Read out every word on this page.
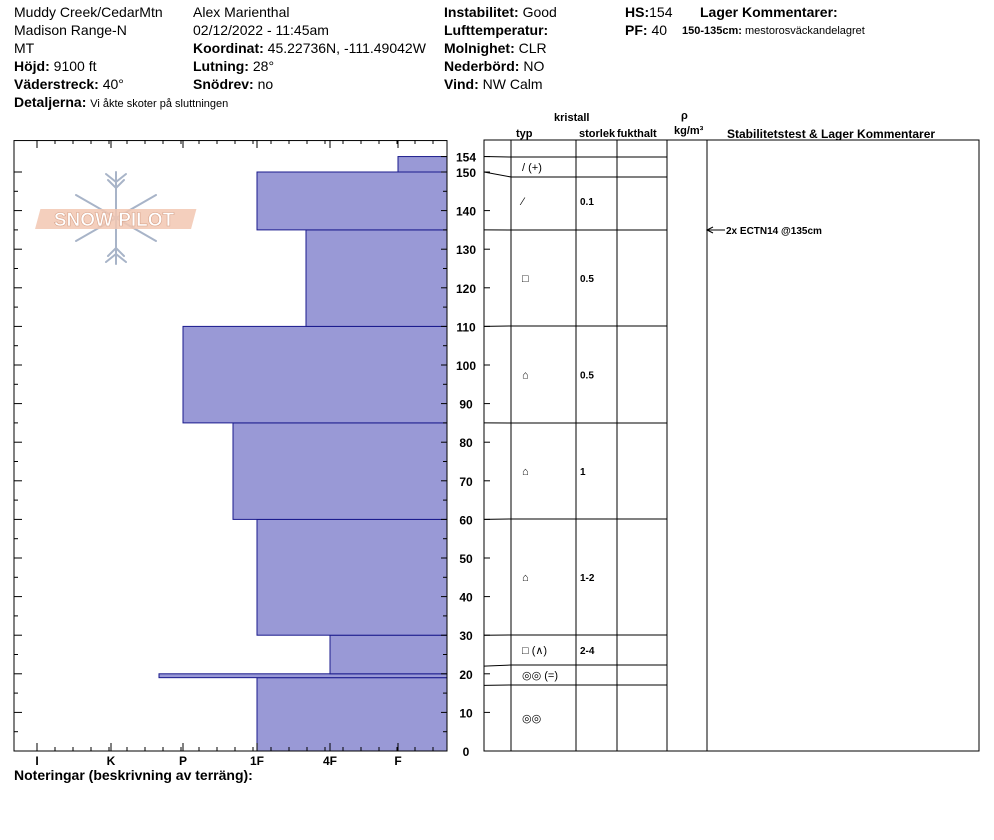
Muddy Creek/CedarMtn
Madison Range-N
MT
Höjd: 9100 ft
Väderstreck: 40°
Detaljerna: Vi åkte skoter på sluttningen
Alex Marienthal
02/12/2022 - 11:45am
Koordinat: 45.22736N, -111.49042W
Lutning: 28°
Snödrev: no
Instabilitet: Good
Lufttemperatur:
Molnighet: CLR
Nederbörd: NO
Vind: NW Calm
HS:154
PF: 40
Lager Kommentarer:
150-135cm: mestorosväckandelagret
kristall
typ	storlek fukthalt
ρ
kg/m³ Stabilitetstest & Lager Kommentarer
SNOW PILOT
0
10
20
30
40
50
60
70
80
90
100
110
120
130
140
150
154
I	K	P	1F	4F	F
/ (+)
⁄	0.1
□	0.5
⌂	0.5
⌂	1
⌂	1-2
□ (∧)	2-4
◎◎ (=)
◎◎
2x ECTN14 @135cm
Noteringar (beskrivning av terräng):
